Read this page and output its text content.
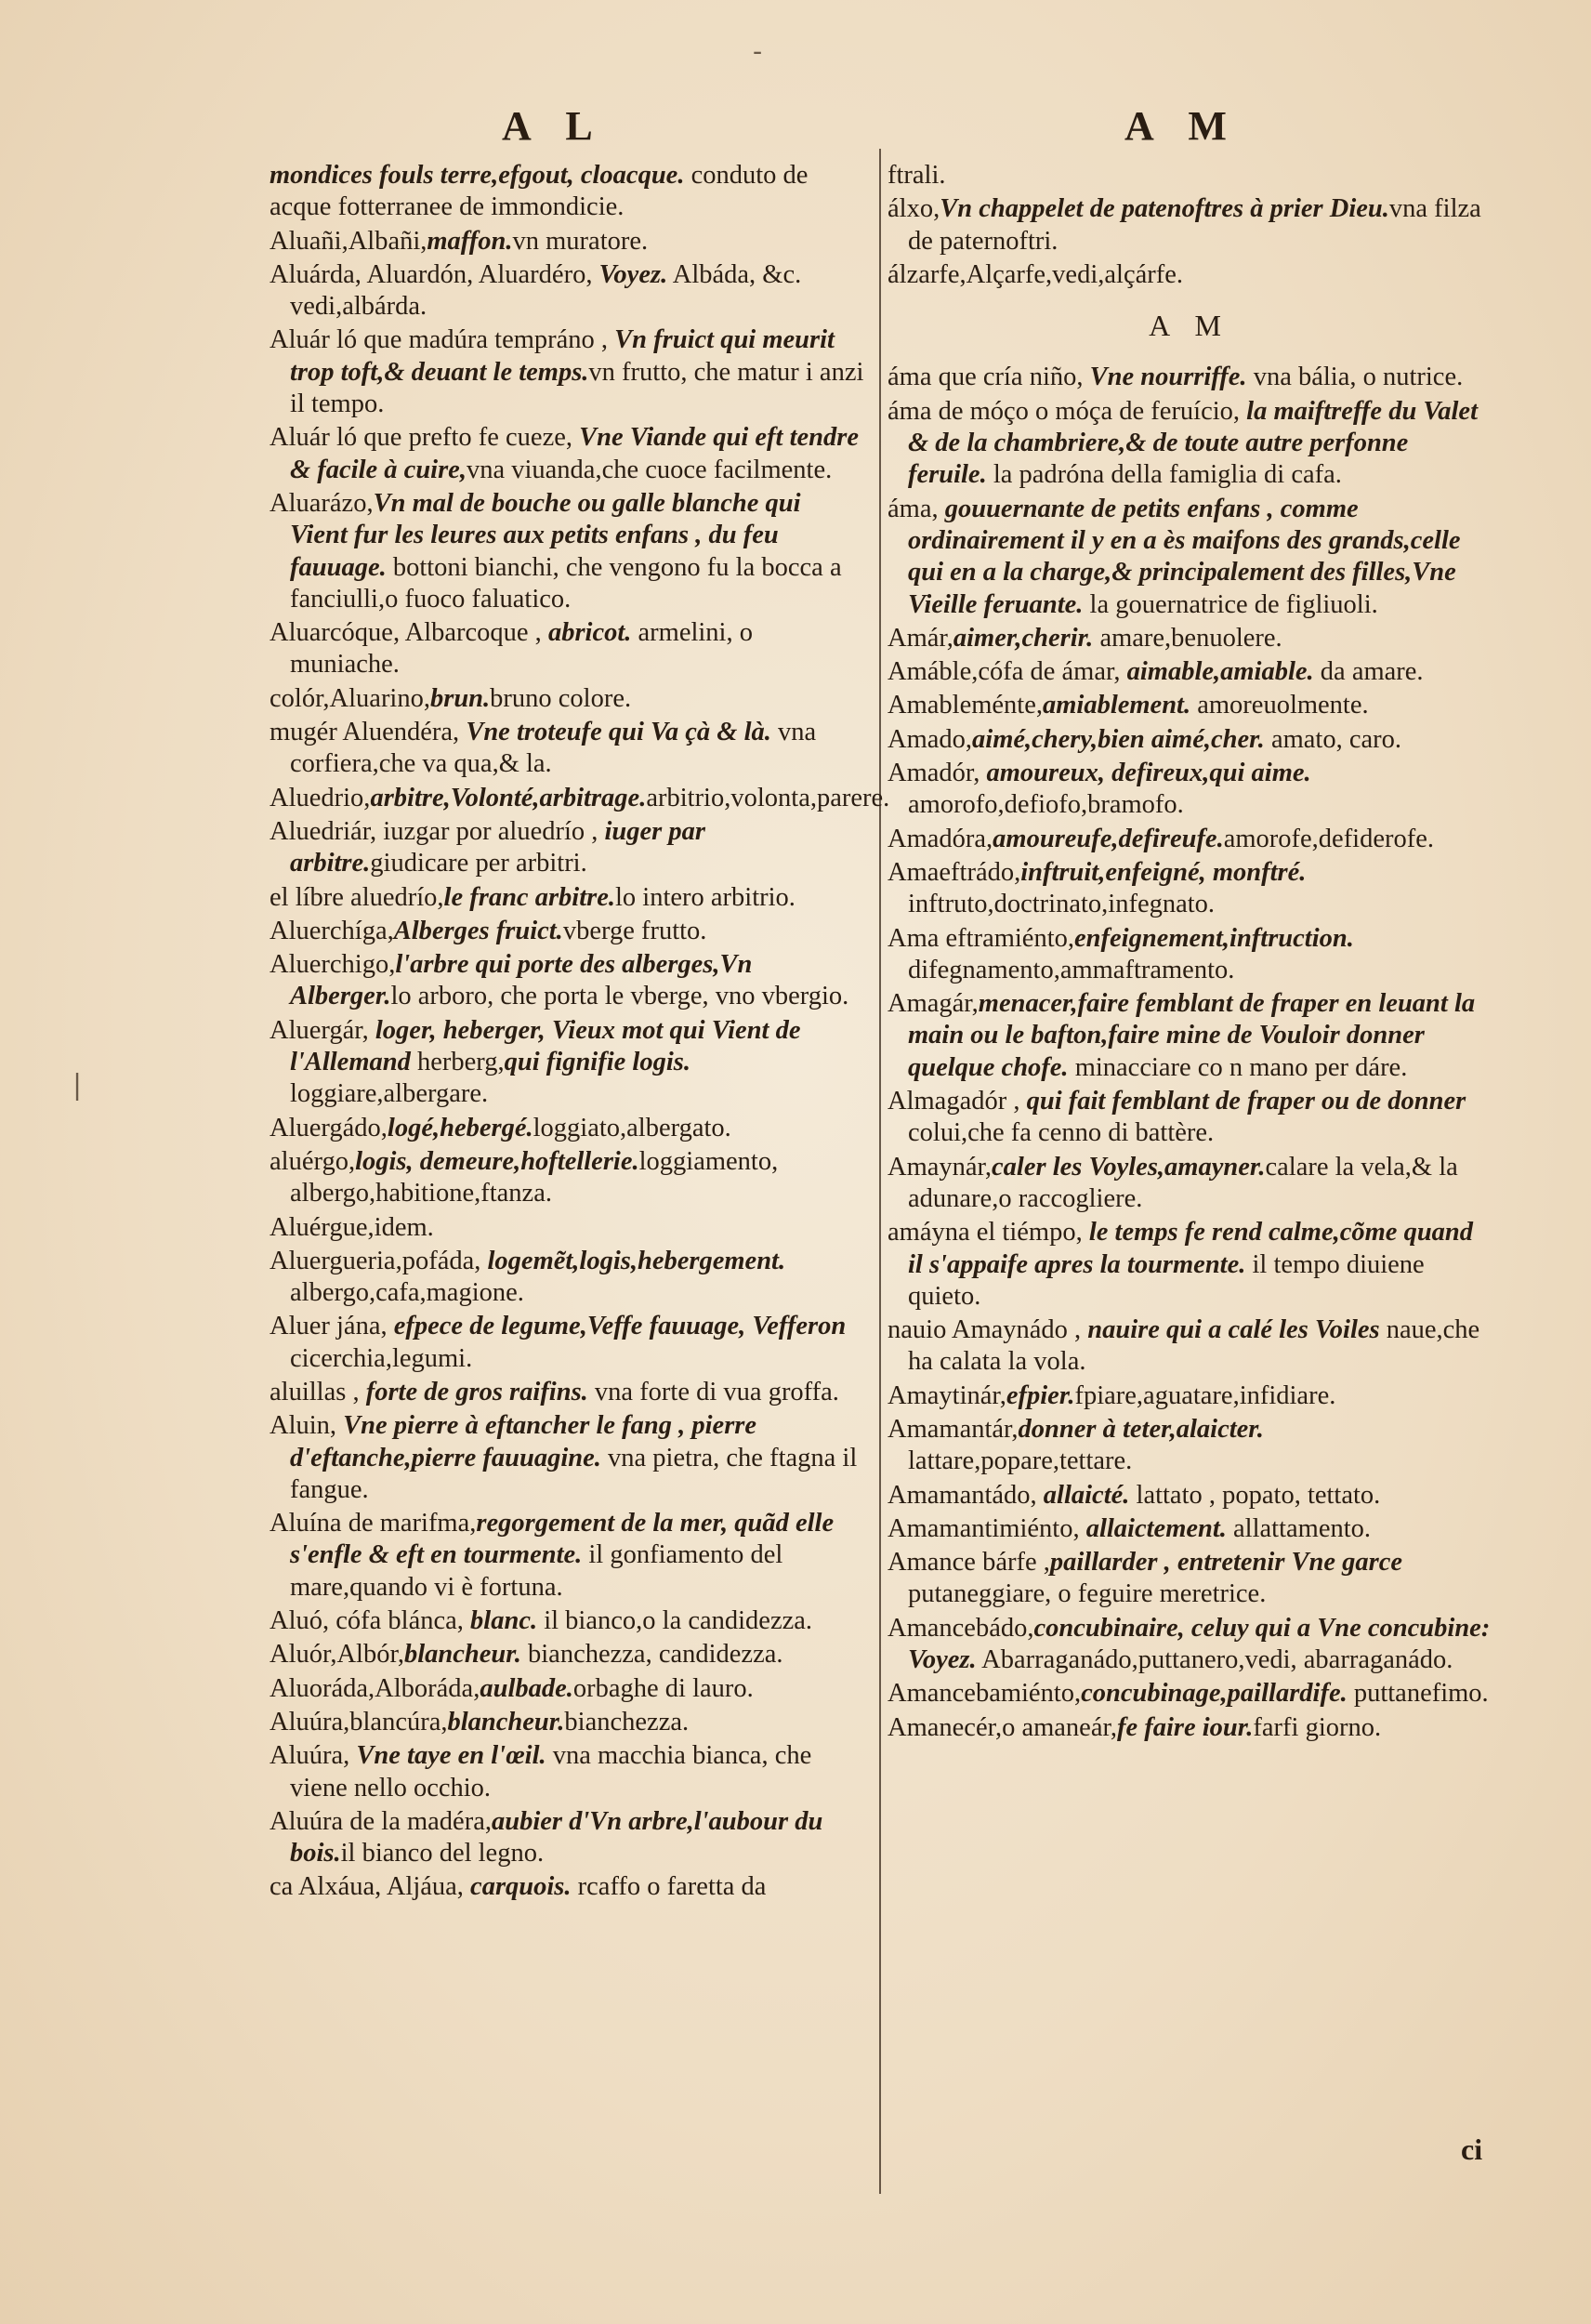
-
|
A L	A M
mondices fouls terre,efgout, cloacque. conduto de acque fotterranee de immondicie.
Aluañi,Albañi,maffon.vn muratore.
Aluárda, Aluardón, Aluardéro, Voyez. Albáda, &c. vedi,albárda.
Aluár ló que madúra tempráno , Vn fruict qui meurit trop toft,& deuant le temps.vn frutto, che matur i anzi il tempo.
Aluár ló que prefto fe cueze, Vne Viande qui eft tendre & facile à cuire,vna viuanda,che cuoce facilmente.
Aluarázo,Vn mal de bouche ou galle blanche qui Vient fur les leures aux petits enfans , du feu fauuage. bottoni bianchi, che vengono fu la bocca a fanciulli,o fuoco faluatico.
Aluarcóque, Albarcoque , abricot. armelini, o muniache.
colór,Aluarino,brun.bruno colore.
mugér Aluendéra, Vne troteufe qui Va çà & là. vna corfiera,che va qua,& la.
Aluedrio,arbitre,Volonté,arbitrage.arbitrio,volonta,parere.
Aluedriár, iuzgar por aluedrío , iuger par arbitre.giudicare per arbitri.
el líbre aluedrío,le franc arbitre.lo intero arbitrio.
Aluerchíga,Alberges fruict.vberge frutto.
Aluerchigo,l'arbre qui porte des alberges,Vn Alberger.lo arboro, che porta le vberge, vno vbergio.
Aluergár, loger, heberger, Vieux mot qui Vient de l'Allemand herberg,qui fignifie logis. loggiare,albergare.
Aluergádo,logé,hebergé.loggiato,albergato.
aluérgo,logis, demeure,hoftellerie.loggiamento, albergo,habitione,ftanza.
Aluérgue,idem.
Aluergueria,pofáda, logemẽt,logis,hebergement. albergo,cafa,magione.
Aluer jána, efpece de legume,Veffe fauuage, Vefferon cicerchia,legumi.
aluillas , forte de gros raifins. vna forte di vua groffa.
Aluin, Vne pierre à eftancher le fang , pierre d'eftanche,pierre fauuagine. vna pietra, che ftagna il fangue.
Aluína de marifma,regorgement de la mer, quãd elle s'enfle & eft en tourmente. il gonfiamento del mare,quando vi è fortuna.
Aluó, cófa blánca, blanc. il bianco,o la candidezza.
Aluór,Albór,blancheur. bianchezza, candidezza.
Aluoráda,Alboráda,aulbade.orbaghe di lauro.
Aluúra,blancúra,blancheur.bianchezza.
Aluúra, Vne taye en l'œil. vna macchia bianca, che viene nello occhio.
Aluúra de la madéra,aubier d'Vn arbre,l'aubour du bois.il bianco del legno.
ca Alxáua, Aljáua, carquois. rcaffo o faretta da
ftrali.
álxo,Vn chappelet de patenoftres à prier Dieu.vna filza de paternoftri.
álzarfe,Alçarfe,vedi,alçárfe.
A M
áma que cría niño, Vne nourriffe. vna bália, o nutrice.
áma de móço o móça de feruício, la maiftreffe du Valet & de la chambriere,& de toute autre perfonne feruile. la padróna della famiglia di cafa.
áma, gouuernante de petits enfans , comme ordinairement il y en a ès maifons des grands,celle qui en a la charge,& principalement des filles,Vne Vieille feruante. la gouernatrice de figliuoli.
Amár,aimer,cherir. amare,benuolere.
Amáble,cófa de ámar, aimable,amiable. da amare.
Amableménte,amiablement. amoreuolmente.
Amado,aimé,chery,bien aimé,cher. amato, caro.
Amadór, amoureux, defireux,qui aime. amorofo,defiofo,bramofo.
Amadóra,amoureufe,defireufe.amorofe,defiderofe.
Amaeftrádo,inftruit,enfeigné, monftré. inftruto,doctrinato,infegnato.
Ama eftramiénto,enfeignement,inftruction. difegnamento,ammaftramento.
Amagár,menacer,faire femblant de fraper en leuant la main ou le bafton,faire mine de Vouloir donner quelque chofe. minacciare co n mano per dáre.
Almagadór , qui fait femblant de fraper ou de donner colui,che fa cenno di battère.
Amaynár,caler les Voyles,amayner.calare la vela,& la adunare,o raccogliere.
amáyna el tiémpo, le temps fe rend calme,cõme quand il s'appaife apres la tourmente. il tempo diuiene quieto.
nauio Amaynádo , nauire qui a calé les Voiles naue,che ha calata la vola.
Amaytinár,efpier.fpiare,aguatare,infidiare.
Amamantár,donner à teter,alaicter. lattare,popare,tettare.
Amamantádo, allaicté. lattato , popato, tettato.
Amamantimiénto, allaictement. allattamento.
Amance bárfe ,paillarder , entretenir Vne garce putaneggiare, o feguire meretrice.
Amancebádo,concubinaire, celuy qui a Vne concubine: Voyez. Abarraganádo,puttanero,vedi, abarraganádo.
Amancebamiénto,concubinage,paillardife. puttanefimo.
Amanecér,o amaneár,fe faire iour.farfi giorno.
ci
